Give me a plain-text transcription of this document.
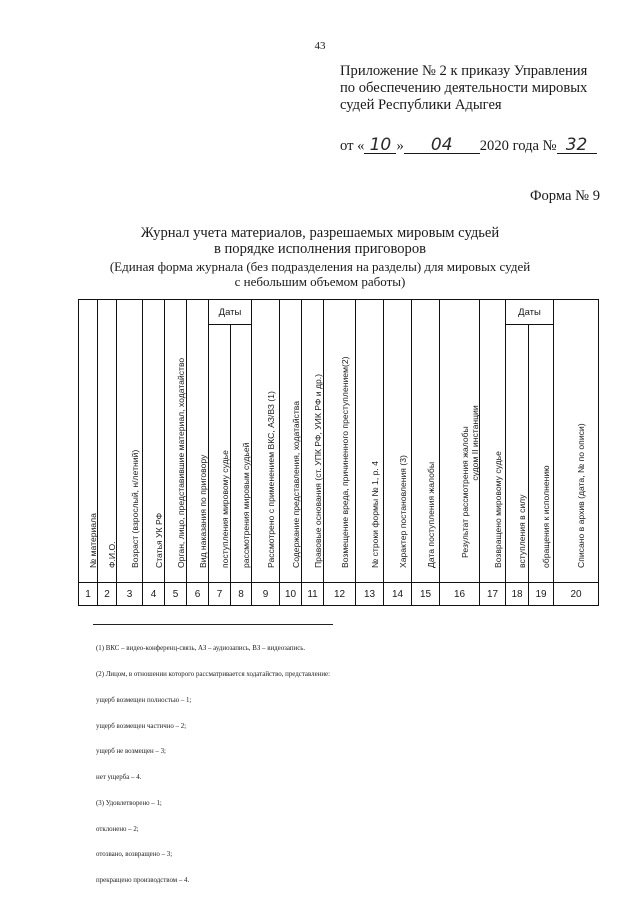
43
Приложение № 2 к приказу Управления
по обеспечению деятельности мировых
судей Республики Адыгея
от « 10 » 04 2020 года № 32
Форма № 9
Журнал учета материалов, разрешаемых мировым судьей
в порядке исполнения приговоров
(Единая форма журнала (без подразделения на разделы) для мировых судей
с небольшим объемом работы)
№ материала	Ф.И.О.	Возраст (взрослый, н/летний)	Статья УК РФ	Орган, лицо, представившие материал, ходатайство	Вид наказания по приговору	Даты		Рассмотрено с применением ВКС, АЗ/ВЗ (1)	Содержание представления, ходатайства	Правовые основания (ст. УПК РФ, УИК РФ и др.)	Возмещение вреда, причиненного преступлением(2)	№ строки формы № 1, р. 4	Характер постановления (3)	Дата поступления жалобы	Результат рассмотрения жалобы судом II инстанции	Возвращено мировому судье	Даты		Списано в архив (дата, № по описи)

						поступления мировому судье	рассмотрения мировым судьей										вступления в силу	обращения к исполнению	

1	2	3	4	5	6	7	8	9	10	11	12	13	14	15	16	17	18	19	20

(1) ВКС – видео-конференц-связь, АЗ – аудиозапись, ВЗ – видеозапись.

(2) Лицом, в отношении которого рассматривается ходатайство, представление:

ущерб возмещен полностью – 1;

ущерб возмещен частично – 2;

ущерб не возмещен – 3;

нет ущерба – 4.

(3) Удовлетворено – 1;

отклонено – 2;

отозвано, возвращено – 3;

прекращено производством – 4.
